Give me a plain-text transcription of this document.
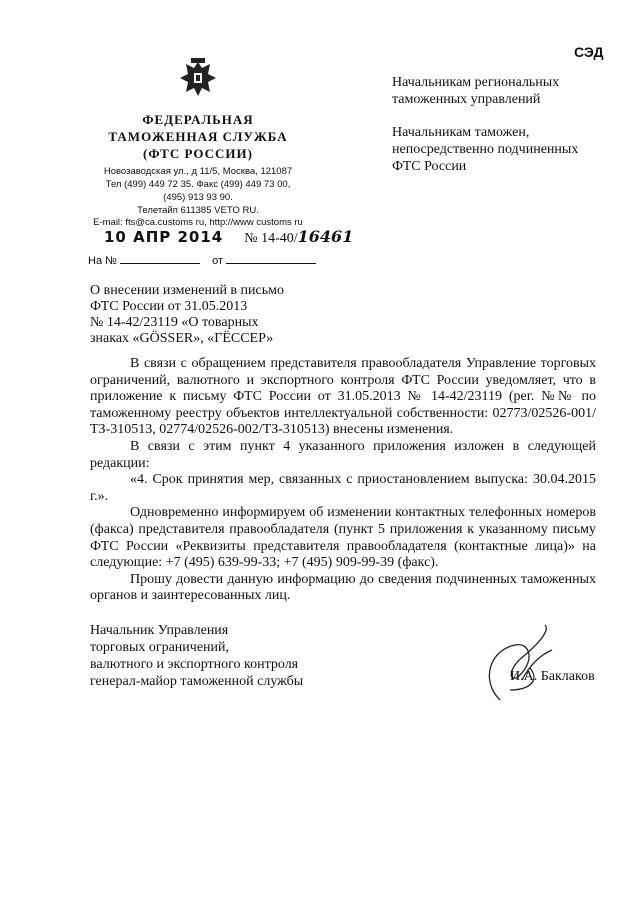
СЭД
ФЕДЕРАЛЬНАЯ
ТАМОЖЕННАЯ СЛУЖБА
(ФТС РОССИИ)
Новозаводская ул., д 11/5, Москва, 121087
Тел (499) 449 72 35. Факс (499) 449 73 00,
(495) 913 93 90.
Телетайп 611385 VETO RU.
E-mail: fts@ca.customs ru, http://www customs ru
10 АПР 2014 № 14-40/16461
На №	от
Начальникам региональных
таможенных управлений
Начальникам таможен,
непосредственно подчиненных
ФТС России
О внесении изменений в письмо
ФТС России от 31.05.2013
№ 14-42/23119 «О товарных
знаках «GÖSSER», «ГЁССЕР»

В связи с обращением представителя правообладателя Управление торговых ограничений, валютного и экспортного контроля ФТС России уведомляет, что в приложение к письму ФТС России от 31.05.2013 № 14-42/23119 (рег. №№ по таможенному реестру объектов интеллектуальной собственности: 02773/02526-001/ТЗ-310513, 02774/02526-002/ТЗ-310513) внесены изменения.

В связи с этим пункт 4 указанного приложения изложен в следующей редакции:

«4. Срок принятия мер, связанных с приостановлением выпуска: 30.04.2015 г.».

Одновременно информируем об изменении контактных телефонных номеров (факса) представителя правообладателя (пункт 5 приложения к указанному письму ФТС России «Реквизиты представителя правообладателя (контактные лица)» на следующие: +7 (495) 639-99-33; +7 (495) 909-99-39 (факс).

Прошу довести данную информацию до сведения подчиненных таможенных органов и заинтересованных лиц.

Начальник Управления
торговых ограничений,
валютного и экспортного контроля
генерал-майор таможенной службы	И.А. Баклаков
